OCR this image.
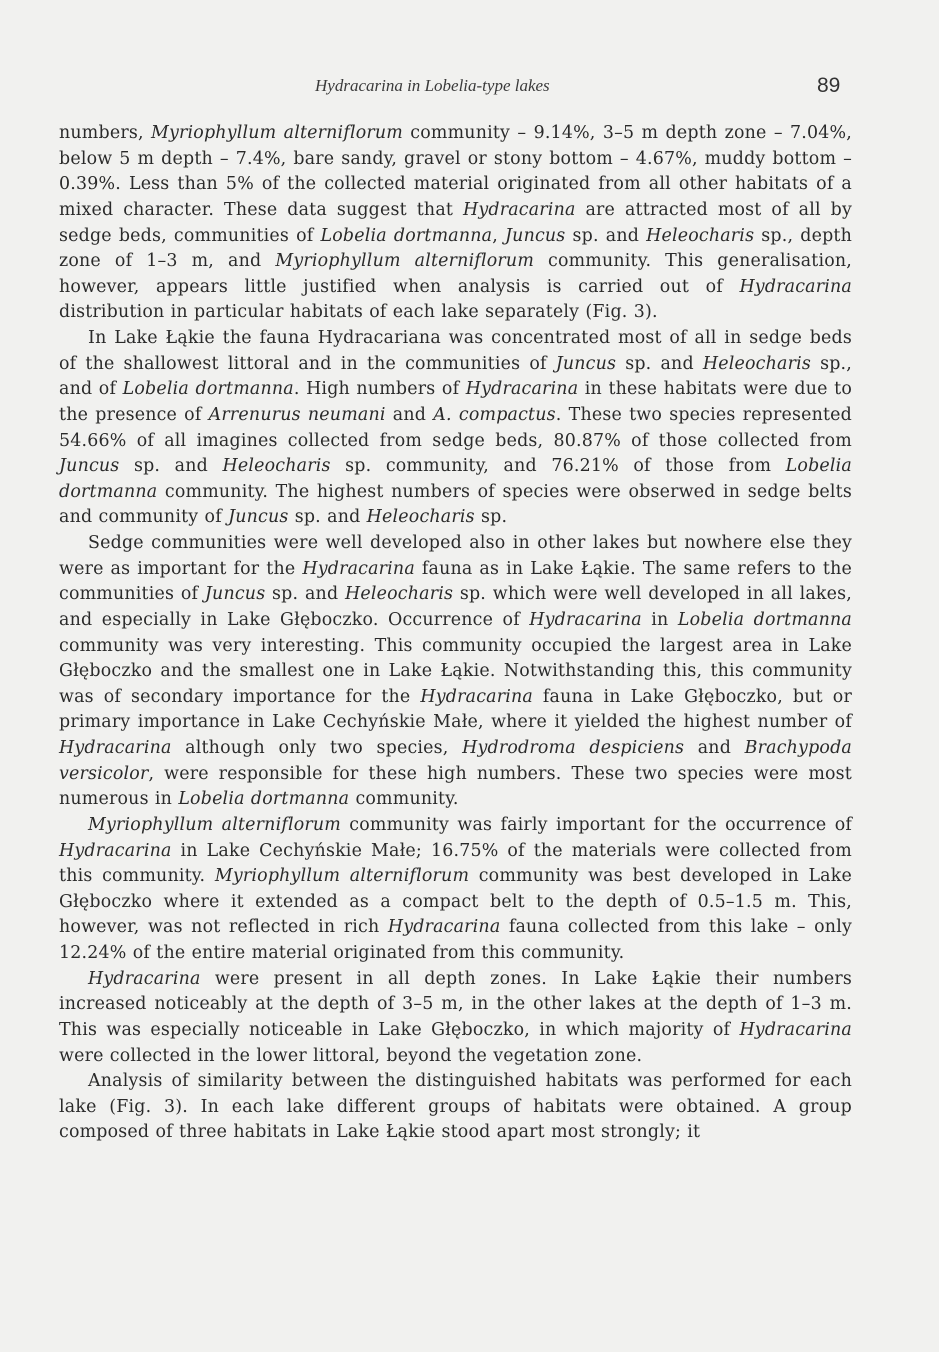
Hydracarina in Lobelia-type lakes	89

numbers, Myriophyllum alterniflorum community – 9.14%, 3–5 m depth zone – 7.04%, below 5 m depth – 7.4%, bare sandy, gravel or stony bottom – 4.67%, muddy bottom – 0.39%. Less than 5% of the collected material originated from all other habitats of a mixed character. These data suggest that Hydracarina are attracted most of all by sedge beds, communities of Lobelia dortmanna, Juncus sp. and Heleocharis sp., depth zone of 1–3 m, and Myriophyllum alterniflorum community. This generalisation, however, appears little justified when analysis is carried out of Hydracarina distribution in particular habitats of each lake separately (Fig. 3).

In Lake Łąkie the fauna Hydracariana was concentrated most of all in sedge beds of the shallowest littoral and in the communities of Juncus sp. and Heleocharis sp., and of Lobelia dortmanna. High numbers of Hydracarina in these habitats were due to the presence of Arrenurus neumani and A. compactus. These two species represented 54.66% of all imagines collected from sedge beds, 80.87% of those collected from Juncus sp. and Heleocharis sp. community, and 76.21% of those from Lobelia dortmanna community. The highest numbers of species were obserwed in sedge belts and community of Juncus sp. and Heleocharis sp.

Sedge communities were well developed also in other lakes but nowhere else they were as important for the Hydracarina fauna as in Lake Łąkie. The same refers to the communities of Juncus sp. and Heleocharis sp. which were well developed in all lakes, and especially in Lake Głęboczko. Occurrence of Hydracarina in Lobelia dortmanna community was very interesting. This community occupied the largest area in Lake Głęboczko and the smallest one in Lake Łąkie. Notwithstanding this, this community was of secondary importance for the Hydracarina fauna in Lake Głęboczko, but or primary importance in Lake Cechyńskie Małe, where it yielded the highest number of Hydracarina although only two species, Hydrodroma despiciens and Brachypoda versicolor, were responsible for these high numbers. These two species were most numerous in Lobelia dortmanna community.

Myriophyllum alterniflorum community was fairly important for the occurrence of Hydracarina in Lake Cechyńskie Małe; 16.75% of the materials were collected from this community. Myriophyllum alterniflorum community was best developed in Lake Głęboczko where it extended as a compact belt to the depth of 0.5–1.5 m. This, however, was not reflected in rich Hydracarina fauna collected from this lake – only 12.24% of the entire material originated from this community.

Hydracarina were present in all depth zones. In Lake Łąkie their numbers increased noticeably at the depth of 3–5 m, in the other lakes at the depth of 1–3 m. This was especially noticeable in Lake Głęboczko, in which majority of Hydracarina were collected in the lower littoral, beyond the vegetation zone.

Analysis of similarity between the distinguished habitats was performed for each lake (Fig. 3). In each lake different groups of habitats were obtained. A group composed of three habitats in Lake Łąkie stood apart most strongly; it
